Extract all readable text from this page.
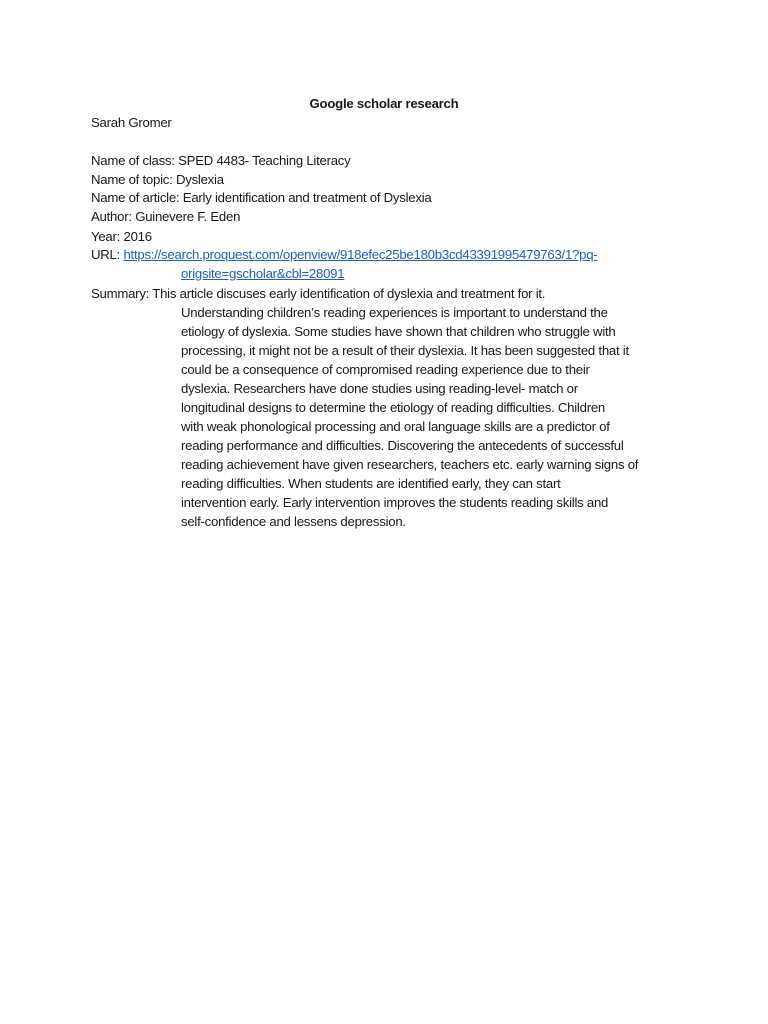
Google scholar research
Sarah Gromer
Name of class: SPED 4483- Teaching Literacy
Name of topic: Dyslexia
Name of article: Early identification and treatment of Dyslexia
Author: Guinevere F. Eden
Year: 2016
URL: https://search.proquest.com/openview/918efec25be180b3cd43391995479763/1?pq-
origsite=gscholar&cbl=28091
Summary: This article discuses early identification of dyslexia and treatment for it.
Understanding children’s reading experiences is important to understand the
etiology of dyslexia. Some studies have shown that children who struggle with
processing, it might not be a result of their dyslexia. It has been suggested that it
could be a consequence of compromised reading experience due to their
dyslexia. Researchers have done studies using reading-level- match or
longitudinal designs to determine the etiology of reading difficulties. Children
with weak phonological processing and oral language skills are a predictor of
reading performance and difficulties. Discovering the antecedents of successful
reading achievement have given researchers, teachers etc. early warning signs of
reading difficulties. When students are identified early, they can start
intervention early. Early intervention improves the students reading skills and
self-confidence and lessens depression.
